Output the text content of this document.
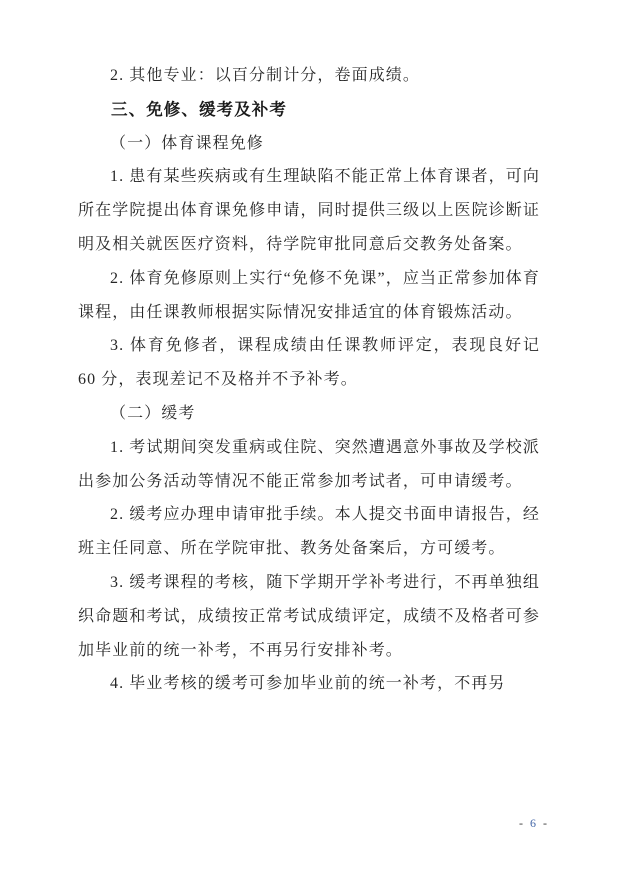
2. 其他专业：以百分制计分，卷面成绩。

三、免修、缓考及补考

（一）体育课程免修

1. 患有某些疾病或有生理缺陷不能正常上体育课者，可向所在学院提出体育课免修申请，同时提供三级以上医院诊断证明及相关就医医疗资料，待学院审批同意后交教务处备案。

2. 体育免修原则上实行“免修不免课”，应当正常参加体育课程，由任课教师根据实际情况安排适宜的体育锻炼活动。

3. 体育免修者，课程成绩由任课教师评定，表现良好记 60 分，表现差记不及格并不予补考。

（二）缓考

1. 考试期间突发重病或住院、突然遭遇意外事故及学校派出参加公务活动等情况不能正常参加考试者，可申请缓考。

2. 缓考应办理申请审批手续。本人提交书面申请报告，经班主任同意、所在学院审批、教务处备案后，方可缓考。

3. 缓考课程的考核，随下学期开学补考进行，不再单独组织命题和考试，成绩按正常考试成绩评定，成绩不及格者可参加毕业前的统一补考，不再另行安排补考。

4. 毕业考核的缓考可参加毕业前的统一补考，不再另

- 6 -
